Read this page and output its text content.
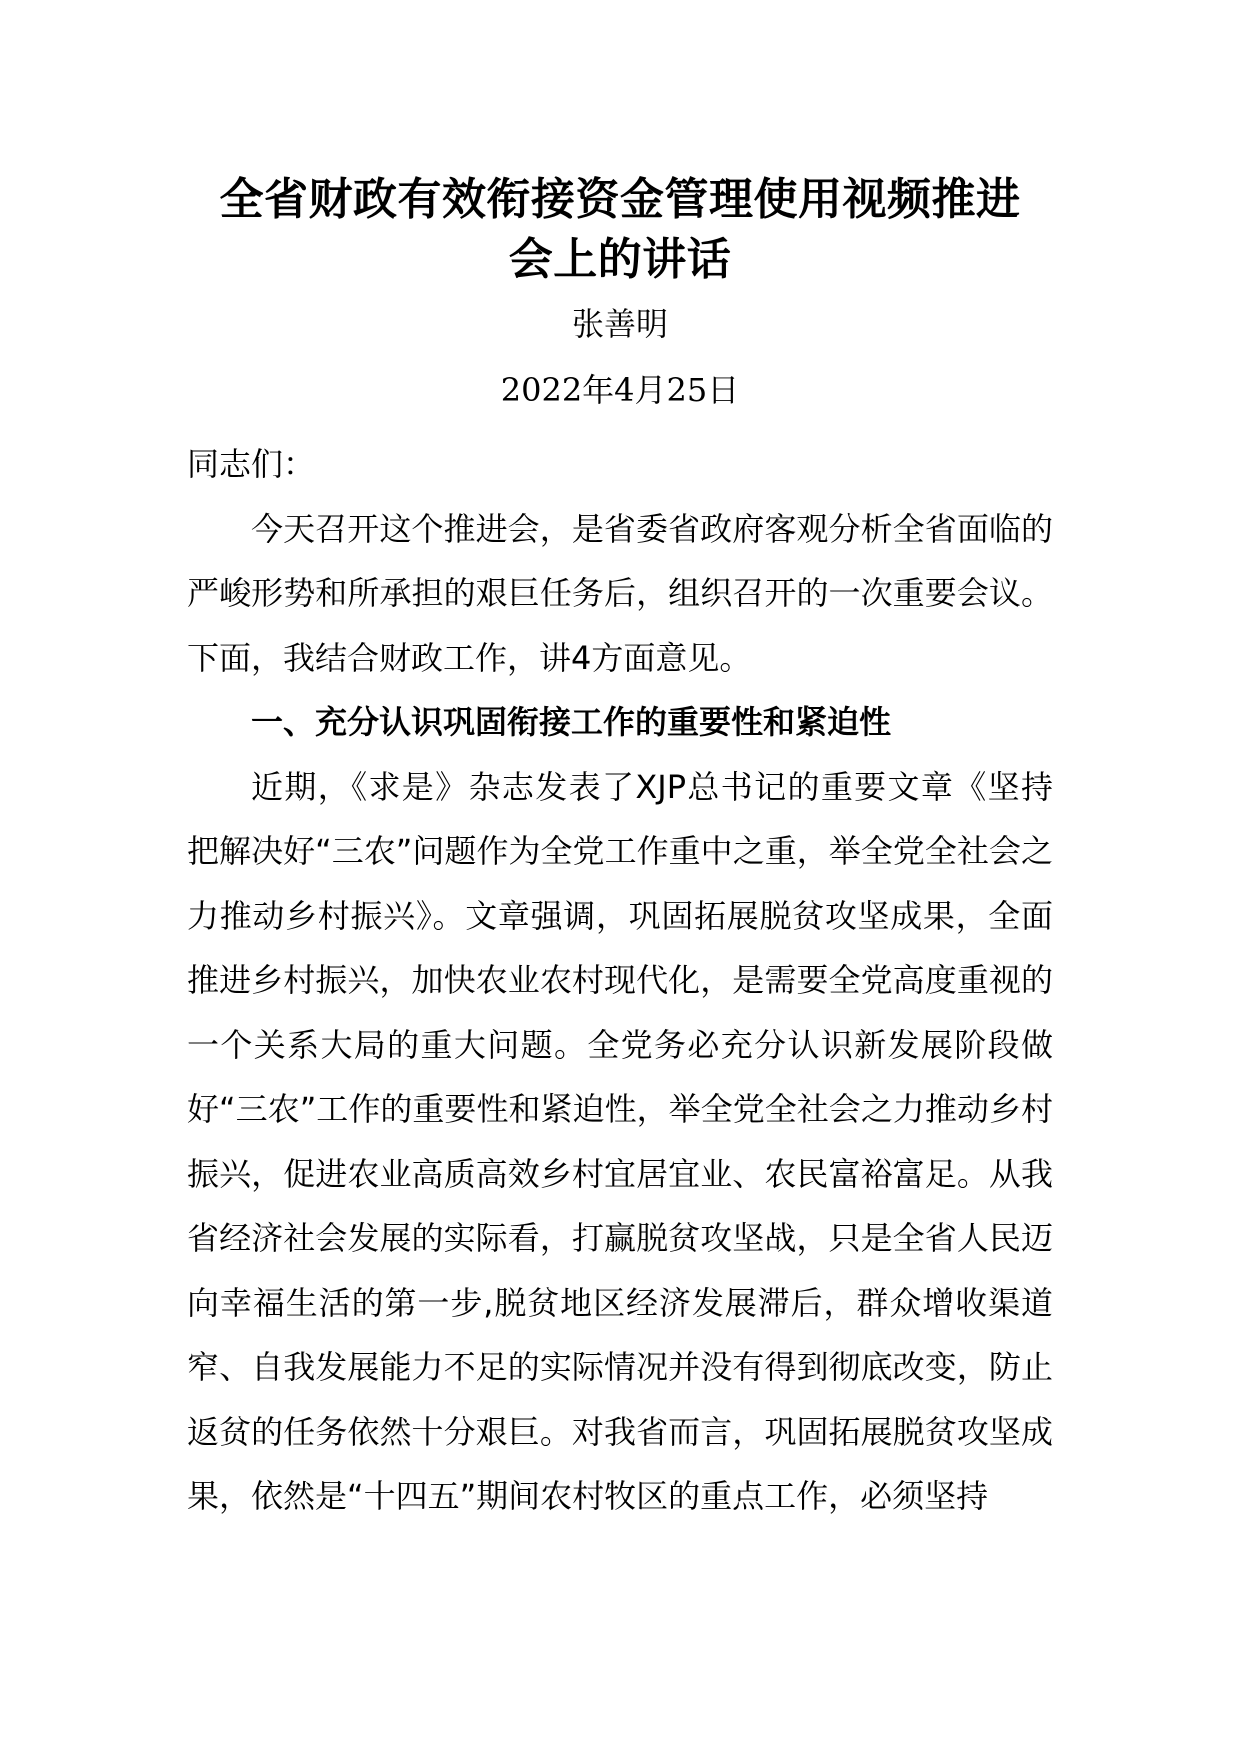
全省财政有效衔接资金管理使用视频推进
会上的讲话

张善明

2022年4月25日

同志们：

今天召开这个推进会，是省委省政府客观分析全省面临的严峻形势和所承担的艰巨任务后，组织召开的一次重要会议。下面，我结合财政工作，讲4方面意见。

一、充分认识巩固衔接工作的重要性和紧迫性

近期，《求是》杂志发表了XJP总书记的重要文章《坚持把解决好“三农”问题作为全党工作重中之重，举全党全社会之力推动乡村振兴》。文章强调，巩固拓展脱贫攻坚成果，全面推进乡村振兴，加快农业农村现代化，是需要全党高度重视的一个关系大局的重大问题。全党务必充分认识新发展阶段做好“三农”工作的重要性和紧迫性，举全党全社会之力推动乡村振兴，促进农业高质高效乡村宜居宜业、农民富裕富足。从我省经济社会发展的实际看，打赢脱贫攻坚战，只是全省人民迈向幸福生活的第一步,脱贫地区经济发展滞后，群众增收渠道窄、自我发展能力不足的实际情况并没有得到彻底改变，防止返贫的任务依然十分艰巨。对我省而言，巩固拓展脱贫攻坚成果，依然是“十四五”期间农村牧区的重点工作，必须坚持
